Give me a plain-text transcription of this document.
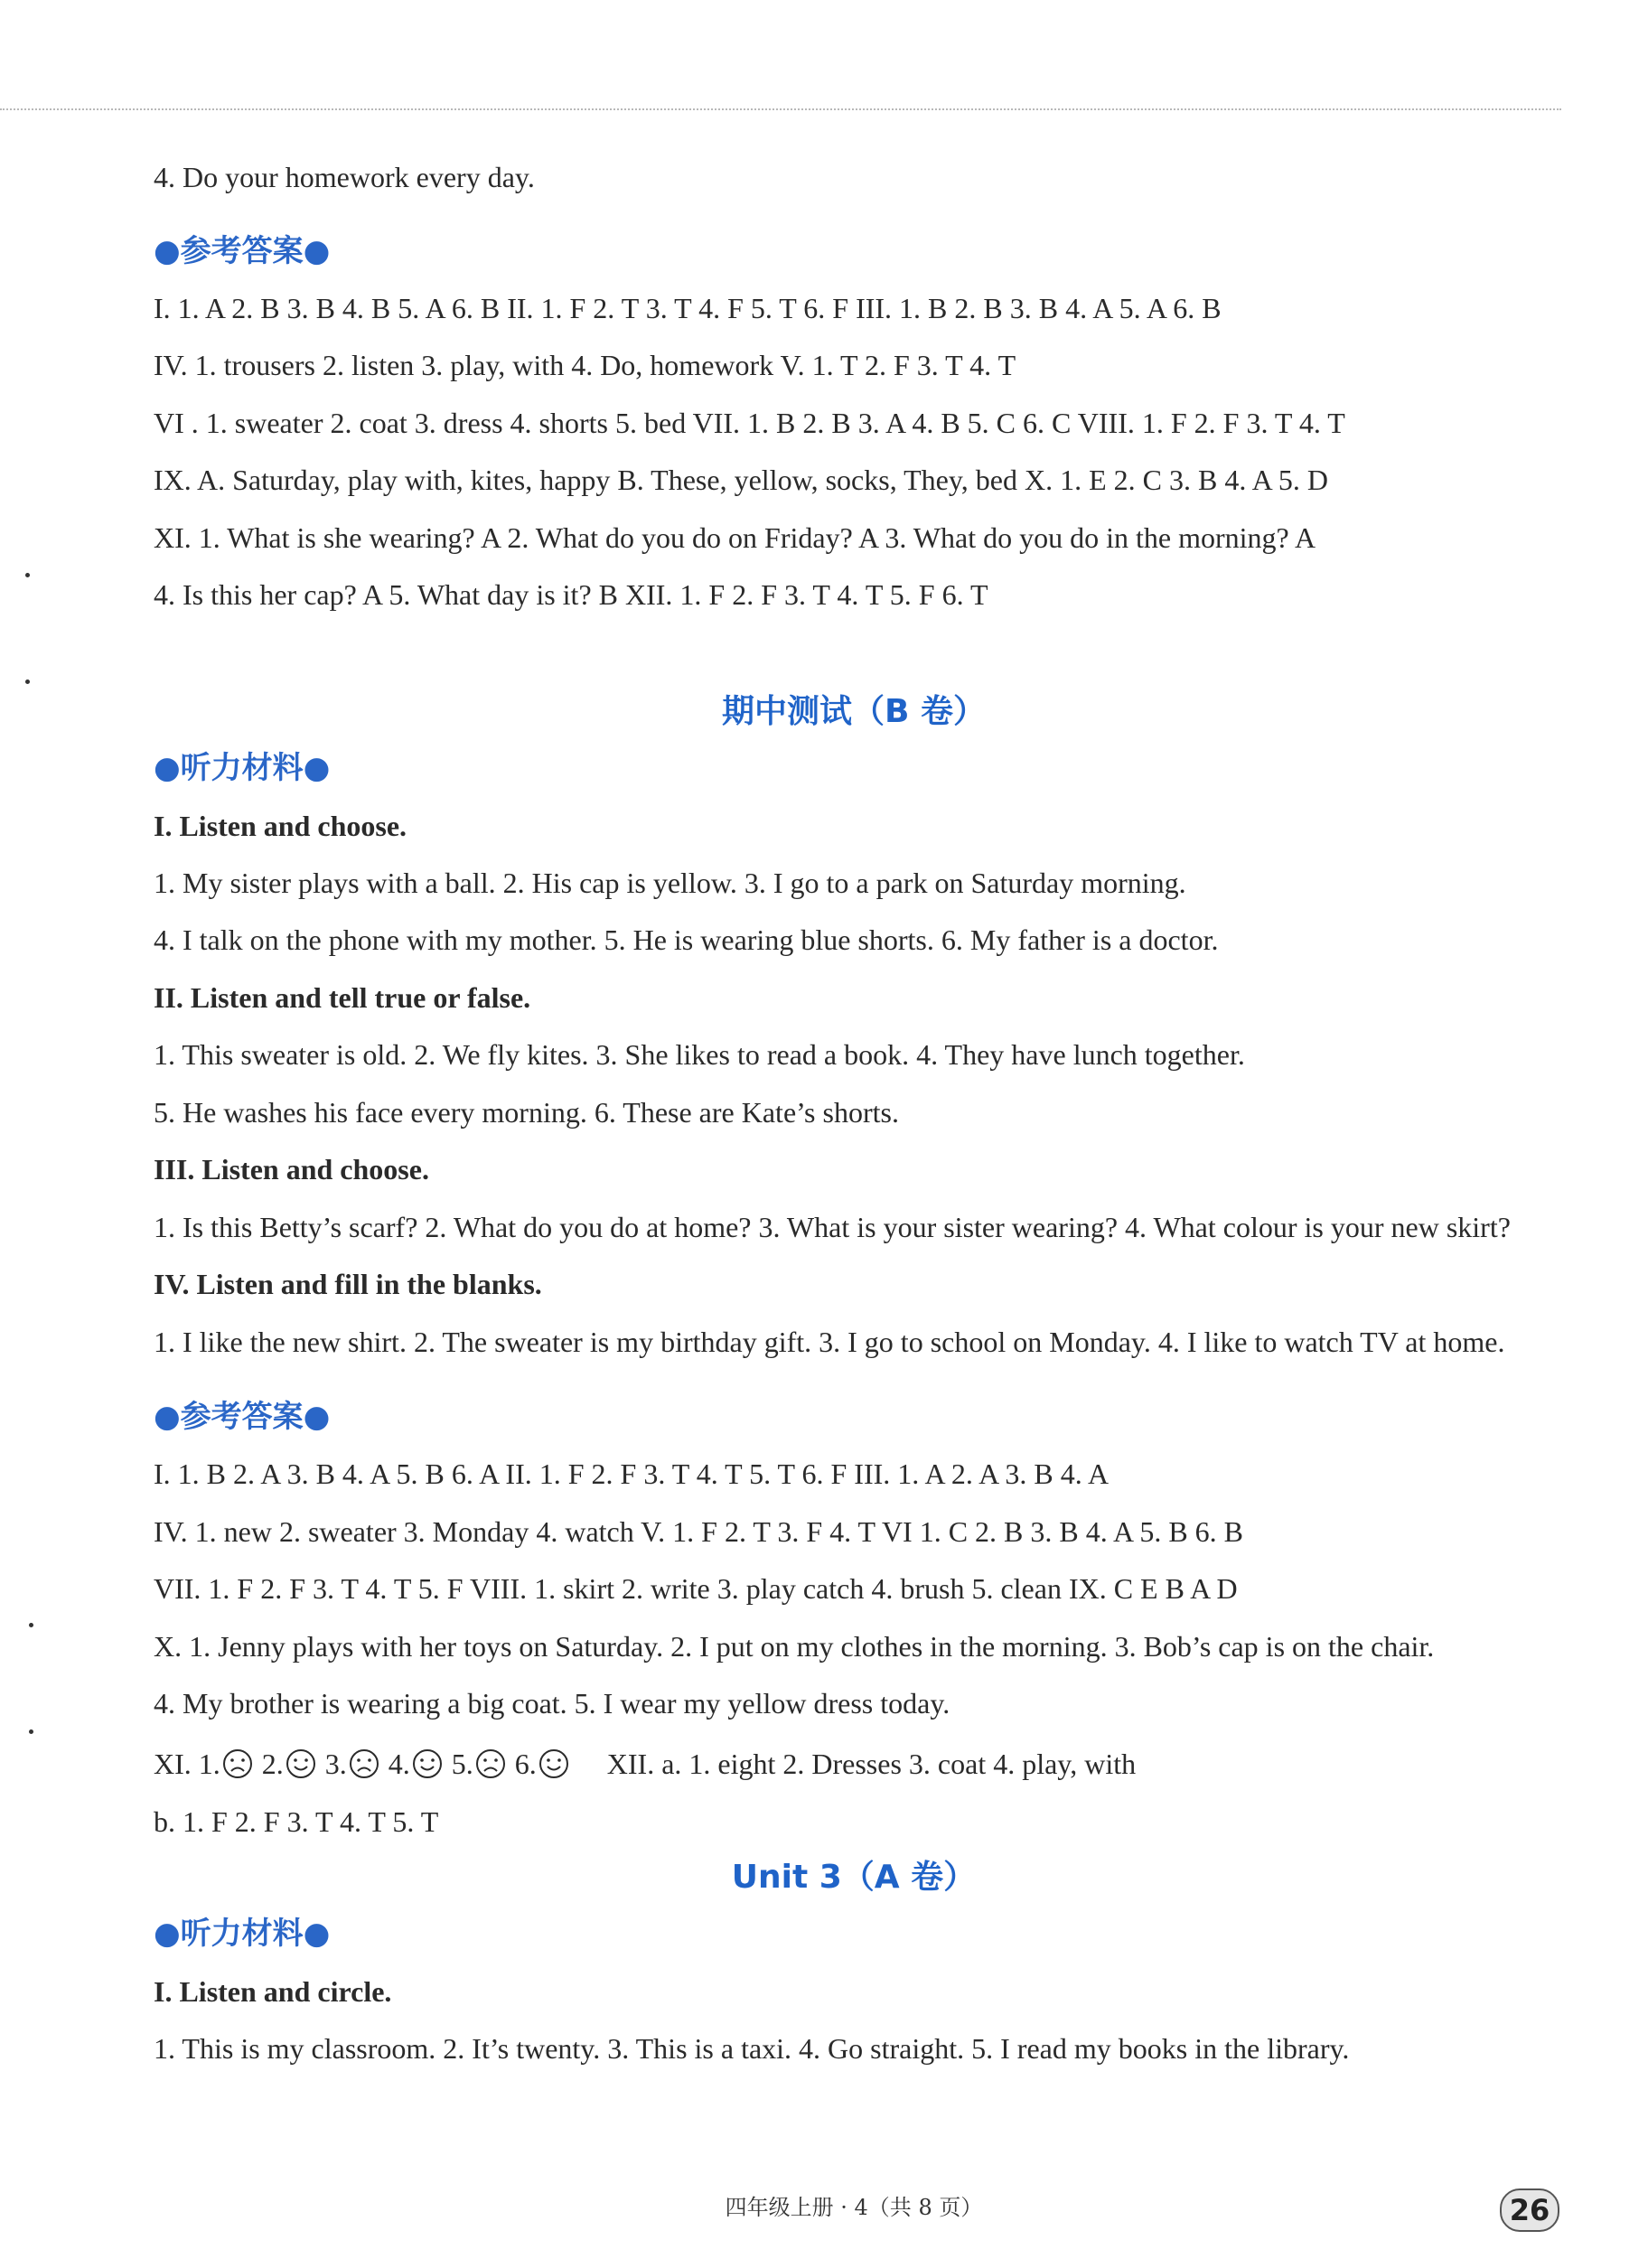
4. Do your homework every day.
●参考答案●
I. 1. A 2. B 3. B 4. B 5. A 6. B II. 1. F 2. T 3. T 4. F 5. T 6. F III. 1. B 2. B 3. B 4. A 5. A 6. B
IV. 1. trousers 2. listen 3. play, with 4. Do, homework V. 1. T 2. F 3. T 4. T
VI . 1. sweater 2. coat 3. dress 4. shorts 5. bed VII. 1. B 2. B 3. A 4. B 5. C 6. C VIII. 1. F 2. F 3. T 4. T
IX. A. Saturday, play with, kites, happy B. These, yellow, socks, They, bed X. 1. E 2. C 3. B 4. A 5. D
XI. 1. What is she wearing? A 2. What do you do on Friday? A 3. What do you do in the morning? A
4. Is this her cap? A 5. What day is it? B XII. 1. F 2. F 3. T 4. T 5. F 6. T
期中测试（B 卷）
●听力材料●
I. Listen and choose.
1. My sister plays with a ball. 2. His cap is yellow. 3. I go to a park on Saturday morning.
4. I talk on the phone with my mother. 5. He is wearing blue shorts. 6. My father is a doctor.
II. Listen and tell true or false.
1. This sweater is old. 2. We fly kites. 3. She likes to read a book. 4. They have lunch together.
5. He washes his face every morning. 6. These are Kate’s shorts.
III. Listen and choose.
1. Is this Betty’s scarf? 2. What do you do at home? 3. What is your sister wearing? 4. What colour is your new skirt?
IV. Listen and fill in the blanks.
1. I like the new shirt. 2. The sweater is my birthday gift. 3. I go to school on Monday. 4. I like to watch TV at home.
●参考答案●
I. 1. B 2. A 3. B 4. A 5. B 6. A II. 1. F 2. F 3. T 4. T 5. T 6. F III. 1. A 2. A 3. B 4. A
IV. 1. new 2. sweater 3. Monday 4. watch V. 1. F 2. T 3. F 4. T VI 1. C 2. B 3. B 4. A 5. B 6. B
VII. 1. F 2. F 3. T 4. T 5. F VIII. 1. skirt 2. write 3. play catch 4. brush 5. clean IX. C E B A D
X. 1. Jenny plays with her toys on Saturday. 2. I put on my clothes in the morning. 3. Bob’s cap is on the chair.
4. My brother is wearing a big coat. 5. I wear my yellow dress today.
XI. 1. 2. 3. 4. 5. 6. XII. a. 1. eight 2. Dresses 3. coat 4. play, with
b. 1. F 2. F 3. T 4. T 5. T
Unit 3（A 卷）
●听力材料●
I. Listen and circle.
1. This is my classroom. 2. It’s twenty. 3. This is a taxi. 4. Go straight. 5. I read my books in the library.
四年级上册 · 4（共 8 页）	26
